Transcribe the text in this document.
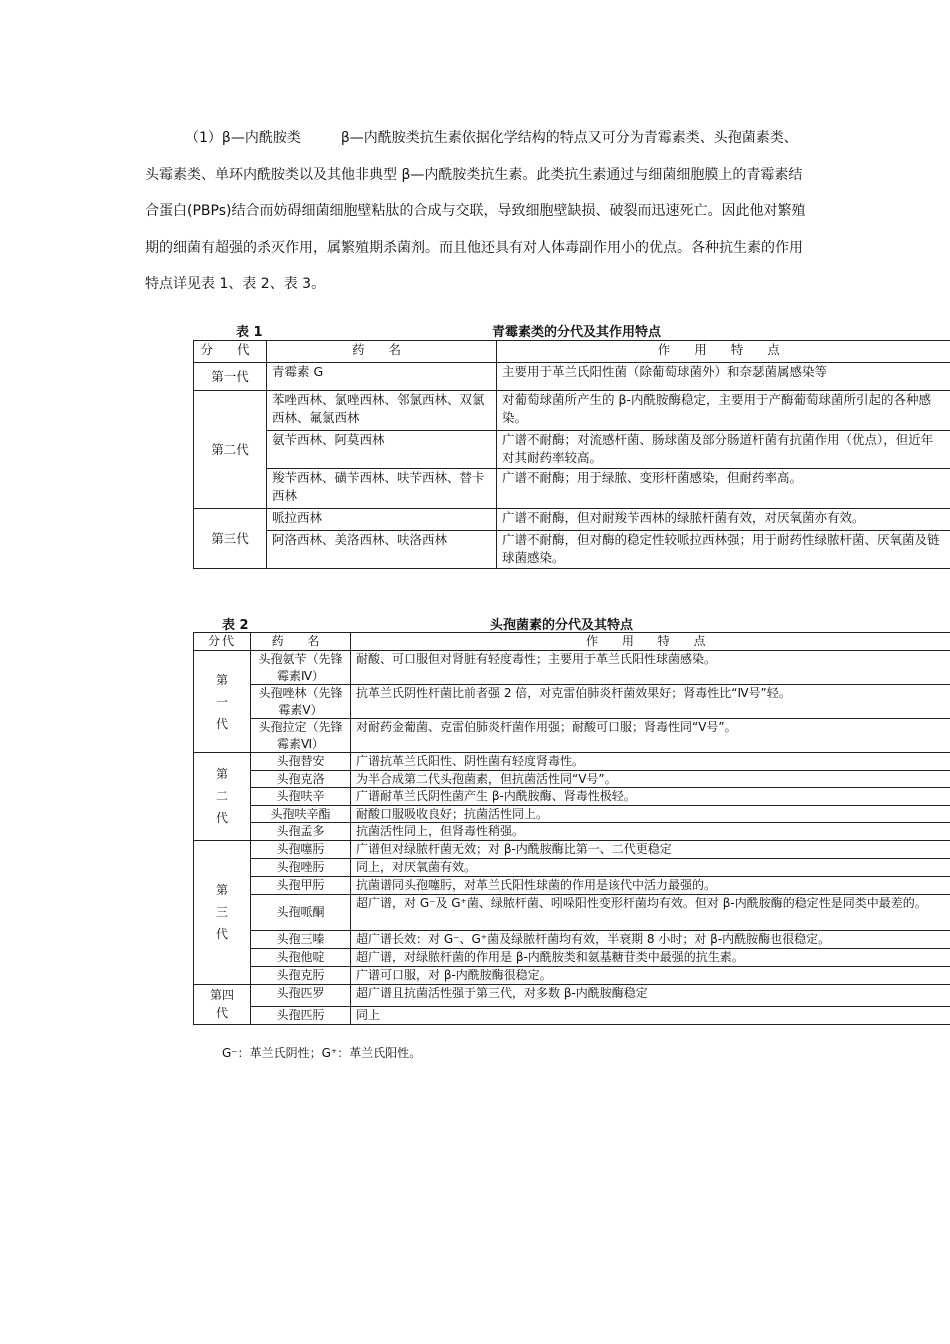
（1）β—内酰胺类	β—内酰胺类抗生素依据化学结构的特点又可分为青霉素类、头孢菌素类、头霉素类、单环内酰胺类以及其他非典型 β—内酰胺类抗生素。此类抗生素通过与细菌细胞膜上的青霉素结合蛋白(PBPs)结合而妨碍细菌细胞壁粘肽的合成与交联，导致细胞壁缺损、破裂而迅速死亡。因此他对繁殖期的细菌有超强的杀灭作用，属繁殖期杀菌剂。而且他还具有对人体毒副作用小的优点。各种抗生素的作用特点详见表 1、表 2、表 3。
表 1	青霉素类的分代及其作用特点
分 代	药 名	作 用 特 点
第一代	青霉素 G	主要用于革兰氏阳性菌（除葡萄球菌外）和奈瑟菌属感染等
第二代	苯唑西林、氯唑西林、邻氯西林、双氯西林、氟氯西林	对葡萄球菌所产生的 β-内酰胺酶稳定，主要用于产酶葡萄球菌所引起的各种感染。
	氨苄西林、阿莫西林	广谱不耐酶；对流感杆菌、肠球菌及部分肠道杆菌有抗菌作用（优点），但近年对其耐药率较高。
	羧苄西林、磺苄西林、呋苄西林、替卡西林	广谱不耐酶；用于绿脓、变形杆菌感染，但耐药率高。
第三代	哌拉西林	广谱不耐酶，但对耐羧苄西林的绿脓杆菌有效，对厌氧菌亦有效。
	阿洛西林、美洛西林、呋洛西林	广谱不耐酶，但对酶的稳定性较哌拉西林强；用于耐药性绿脓杆菌、厌氧菌及链球菌感染。
表 2	头孢菌素的分代及其特点
分代	药 名	作 用 特 点

第一代	头孢氨苄（先锋霉素Ⅳ）	耐酸、可口服但对肾脏有轻度毒性；主要用于革兰氏阳性球菌感染。
	头孢唑林（先锋霉素Ⅴ）	抗革兰氏阴性杆菌比前者强 2 倍，对克雷伯肺炎杆菌效果好；肾毒性比“Ⅳ号”轻。
	头孢拉定（先锋霉素Ⅵ）	对耐药金葡菌、克雷伯肺炎杆菌作用强；耐酸可口服；肾毒性同“Ⅴ号”。

第二代	头孢替安	广谱抗革兰氏阳性、阴性菌有轻度肾毒性。
	头孢克洛	为半合成第二代头孢菌素，但抗菌活性同“Ⅴ号”。
	头孢呋辛	广谱耐革兰氏阴性菌产生 β-内酰胺酶、肾毒性极轻。
	头孢呋辛酯	耐酸口服吸收良好；抗菌活性同上。
	头孢孟多	抗菌活性同上，但肾毒性稍强。

第三代	头孢噻肟	广谱但对绿脓杆菌无效；对 β-内酰胺酶比第一、二代更稳定
	头孢唑肟	同上，对厌氧菌有效。
	头孢甲肟	抗菌谱同头孢噻肟，对革兰氏阳性球菌的作用是该代中活力最强的。
	头孢哌酮	超广谱，对 G⁻及 G⁺菌、绿脓杆菌、吲哚阳性变形杆菌均有效。但对 β-内酰胺酶的稳定性是同类中最差的。
	头孢三嗪	超广谱长效：对 G⁻、G⁺菌及绿脓杆菌均有效，半衰期 8 小时；对 β-内酰胺酶也很稳定。
	头孢他啶	超广谱，对绿脓杆菌的作用是 β-内酰胺类和氨基糖苷类中最强的抗生素。
	头孢克肟	广谱可口服，对 β-内酰胺酶很稳定。

第四代	头孢匹罗	超广谱且抗菌活性强于第三代，对多数 β-内酰胺酶稳定
	头孢匹肟	同上
G⁻：革兰氏阴性；G⁺：革兰氏阳性。
